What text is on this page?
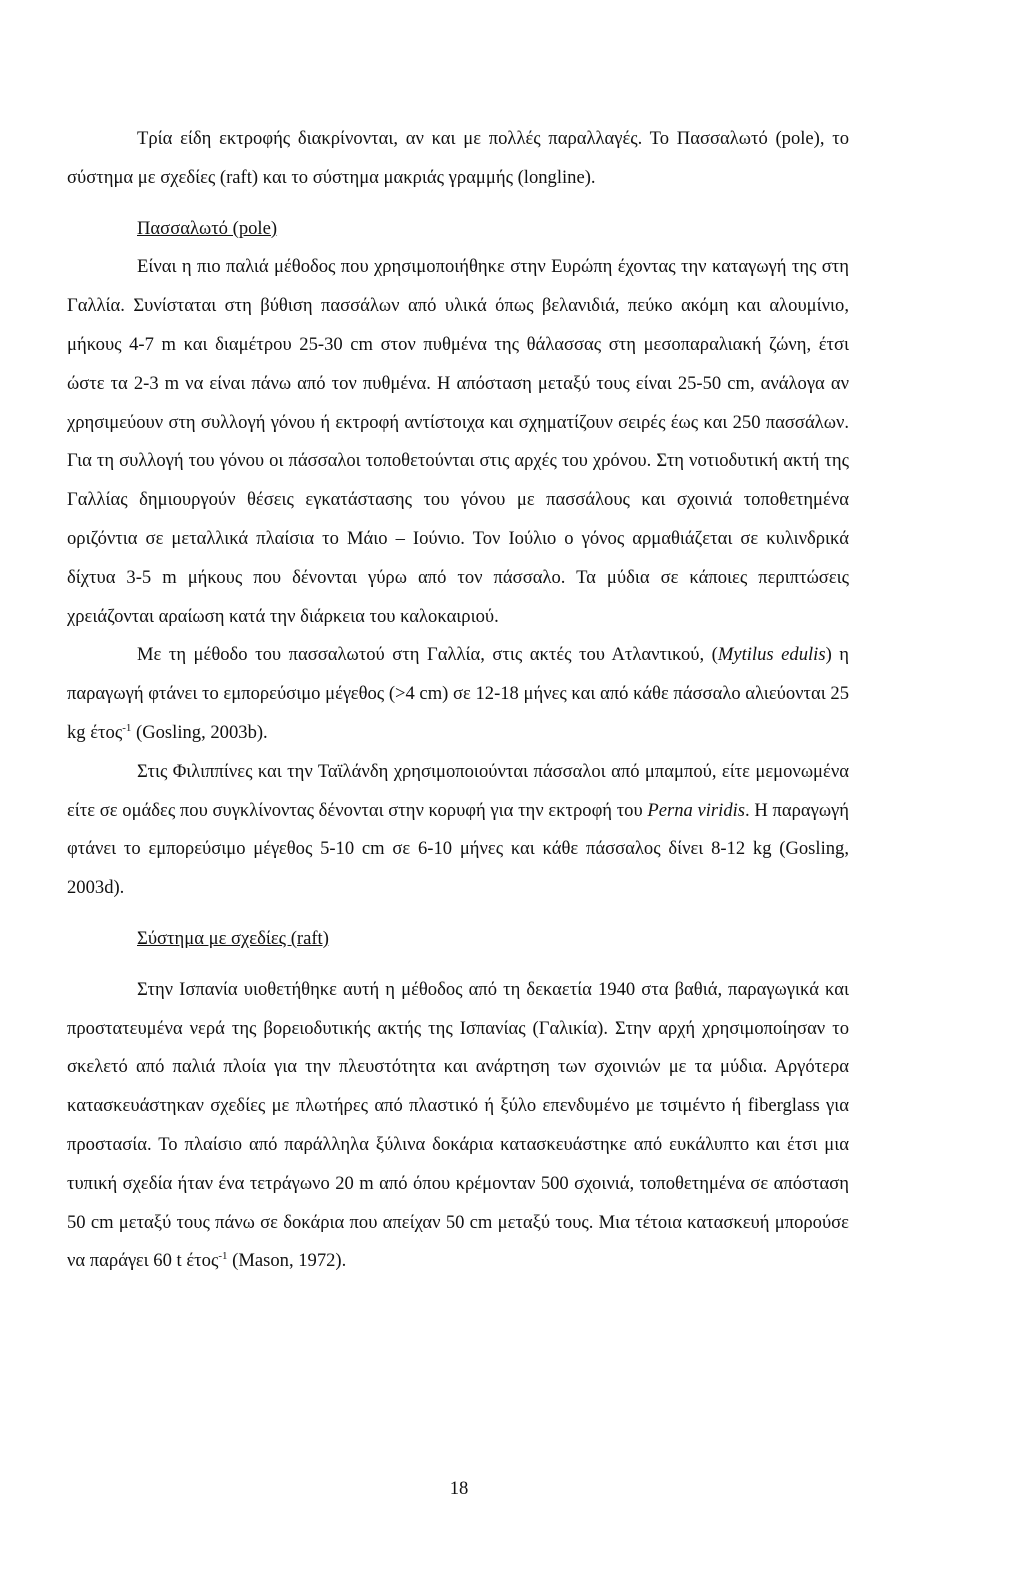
Τρία είδη εκτροφής διακρίνονται, αν και με πολλές παραλλαγές. Το Πασσαλωτό (pole), το σύστημα με σχεδίες (raft) και το σύστημα μακριάς γραμμής (longline).

Πασσαλωτό (pole)

Είναι η πιο παλιά μέθοδος που χρησιμοποιήθηκε στην Ευρώπη έχοντας την καταγωγή της στη Γαλλία. Συνίσταται στη βύθιση πασσάλων από υλικά όπως βελανιδιά, πεύκο ακόμη και αλουμίνιο, μήκους 4-7 m και διαμέτρου 25-30 cm στον πυθμένα της θάλασσας στη μεσοπαραλιακή ζώνη, έτσι ώστε τα 2-3 m να είναι πάνω από τον πυθμένα. Η απόσταση μεταξύ τους είναι 25-50 cm, ανάλογα αν χρησιμεύουν στη συλλογή γόνου ή εκτροφή αντίστοιχα και σχηματίζουν σειρές έως και 250 πασσάλων. Για τη συλλογή του γόνου οι πάσσαλοι τοποθετούνται στις αρχές του χρόνου. Στη νοτιοδυτική ακτή της Γαλλίας δημιουργούν θέσεις εγκατάστασης του γόνου με πασσάλους και σχοινιά τοποθετημένα οριζόντια σε μεταλλικά πλαίσια το Μάιο – Ιούνιο. Τον Ιούλιο ο γόνος αρμαθιάζεται σε κυλινδρικά δίχτυα 3-5 m μήκους που δένονται γύρω από τον πάσσαλο. Τα μύδια σε κάποιες περιπτώσεις χρειάζονται αραίωση κατά την διάρκεια του καλοκαιριού.

Με τη μέθοδο του πασσαλωτού στη Γαλλία, στις ακτές του Ατλαντικού, (Mytilus edulis) η παραγωγή φτάνει το εμπορεύσιμο μέγεθος (>4 cm) σε 12-18 μήνες και από κάθε πάσσαλο αλιεύονται 25 kg έτος$^{-1}$ (Gosling, 2003b).

Στις Φιλιππίνες και την Ταϊλάνδη χρησιμοποιούνται πάσσαλοι από μπαμπού, είτε μεμονωμένα είτε σε ομάδες που συγκλίνοντας δένονται στην κορυφή για την εκτροφή του Perna viridis. Η παραγωγή φτάνει το εμπορεύσιμο μέγεθος 5-10 cm σε 6-10 μήνες και κάθε πάσσαλος δίνει 8-12 kg (Gosling, 2003d).

Σύστημα με σχεδίες (raft)

Στην Ισπανία υιοθετήθηκε αυτή η μέθοδος από τη δεκαετία 1940 στα βαθιά, παραγωγικά και προστατευμένα νερά της βορειοδυτικής ακτής της Ισπανίας (Γαλικία). Στην αρχή χρησιμοποίησαν το σκελετό από παλιά πλοία για την πλευστότητα και ανάρτηση των σχοινιών με τα μύδια. Αργότερα κατασκευάστηκαν σχεδίες με πλωτήρες από πλαστικό ή ξύλο επενδυμένο με τσιμέντο ή fiberglass για προστασία. Το πλαίσιο από παράλληλα ξύλινα δοκάρια κατασκευάστηκε από ευκάλυπτο και έτσι μια τυπική σχεδία ήταν ένα τετράγωνο 20 m από όπου κρέμονταν 500 σχοινιά, τοποθετημένα σε απόσταση 50 cm μεταξύ τους πάνω σε δοκάρια που απείχαν 50 cm μεταξύ τους. Μια τέτοια κατασκευή μπορούσε να παράγει 60 t έτος$^{-1}$ (Mason, 1972).

18
